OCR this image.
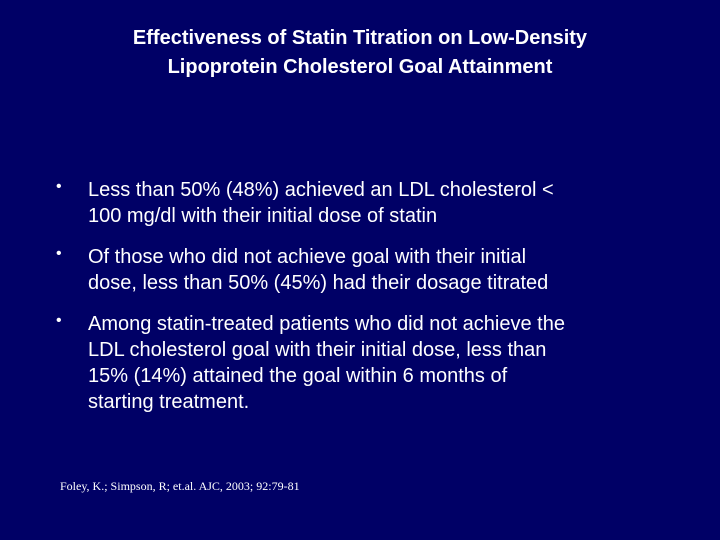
Effectiveness of Statin Titration on Low-Density
Lipoprotein Cholesterol Goal Attainment
• Less than 50% (48%) achieved an LDL cholesterol <
100 mg/dl with their initial dose of statin
• Of those who did not achieve goal with their initial
dose, less than 50% (45%) had their dosage titrated
• Among statin-treated patients who did not achieve the
LDL cholesterol goal with their initial dose, less than
15% (14%) attained the goal within 6 months of
starting treatment.
Foley, K.; Simpson, R; et.al. AJC, 2003; 92:79-81
